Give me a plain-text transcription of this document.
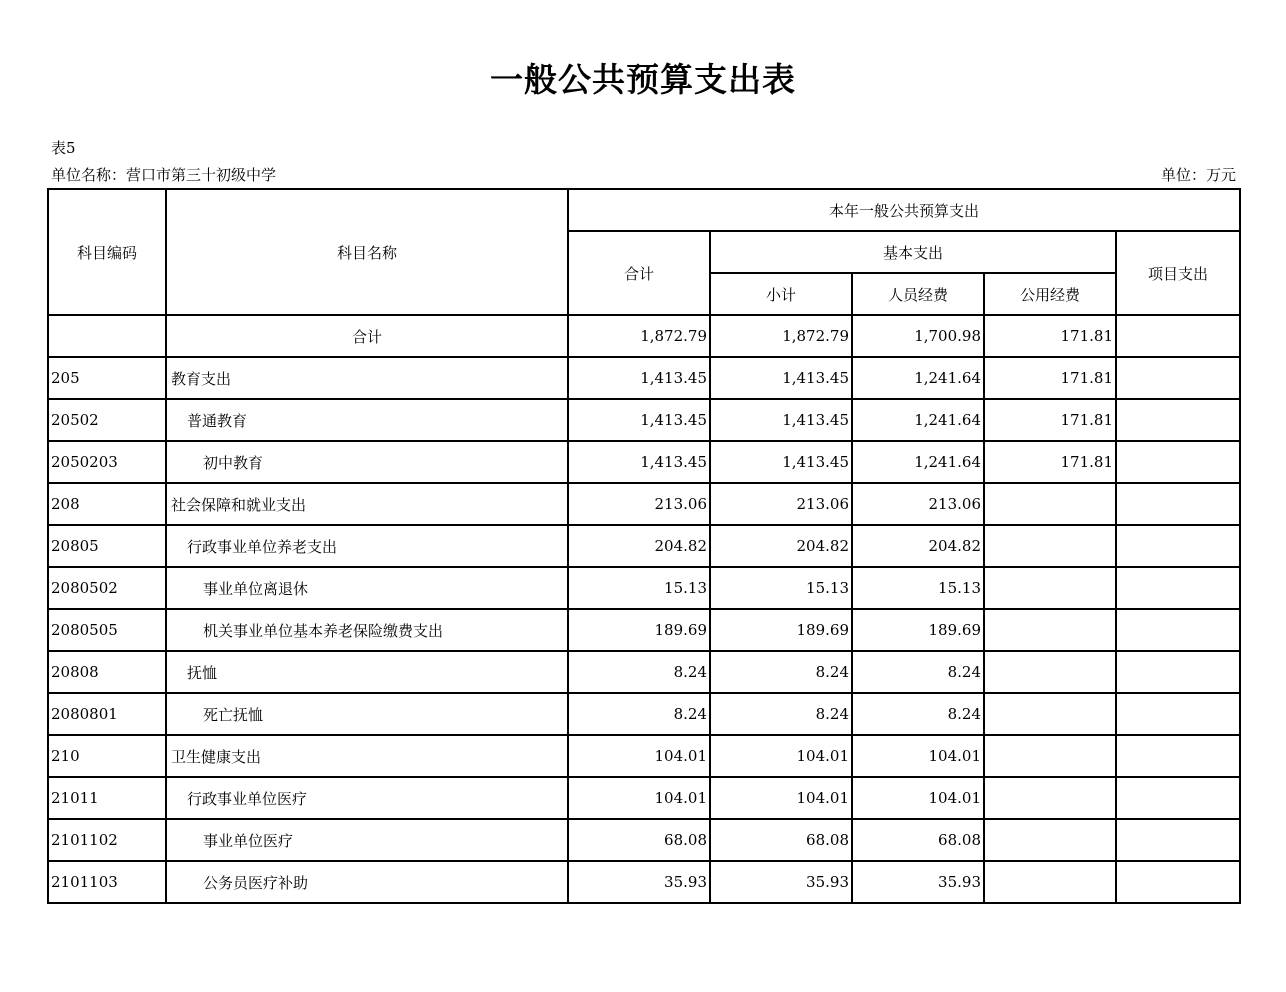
一般公共预算支出表
表5
单位名称：营口市第三十初级中学	单位：万元
科目编码	科目名称	本年一般公共预算支出				
		合计	基本支出			项目支出
			小计	人员经费	公用经费	
	合计	1,872.79	1,872.79	1,700.98	171.81	
205	教育支出	1,413.45	1,413.45	1,241.64	171.81	
20502	普通教育	1,413.45	1,413.45	1,241.64	171.81	
2050203	初中教育	1,413.45	1,413.45	1,241.64	171.81	
208	社会保障和就业支出	213.06	213.06	213.06		
20805	行政事业单位养老支出	204.82	204.82	204.82		
2080502	事业单位离退休	15.13	15.13	15.13		
2080505	机关事业单位基本养老保险缴费支出	189.69	189.69	189.69		
20808	抚恤	8.24	8.24	8.24		
2080801	死亡抚恤	8.24	8.24	8.24		
210	卫生健康支出	104.01	104.01	104.01		
21011	行政事业单位医疗	104.01	104.01	104.01		
2101102	事业单位医疗	68.08	68.08	68.08		
2101103	公务员医疗补助	35.93	35.93	35.93		
